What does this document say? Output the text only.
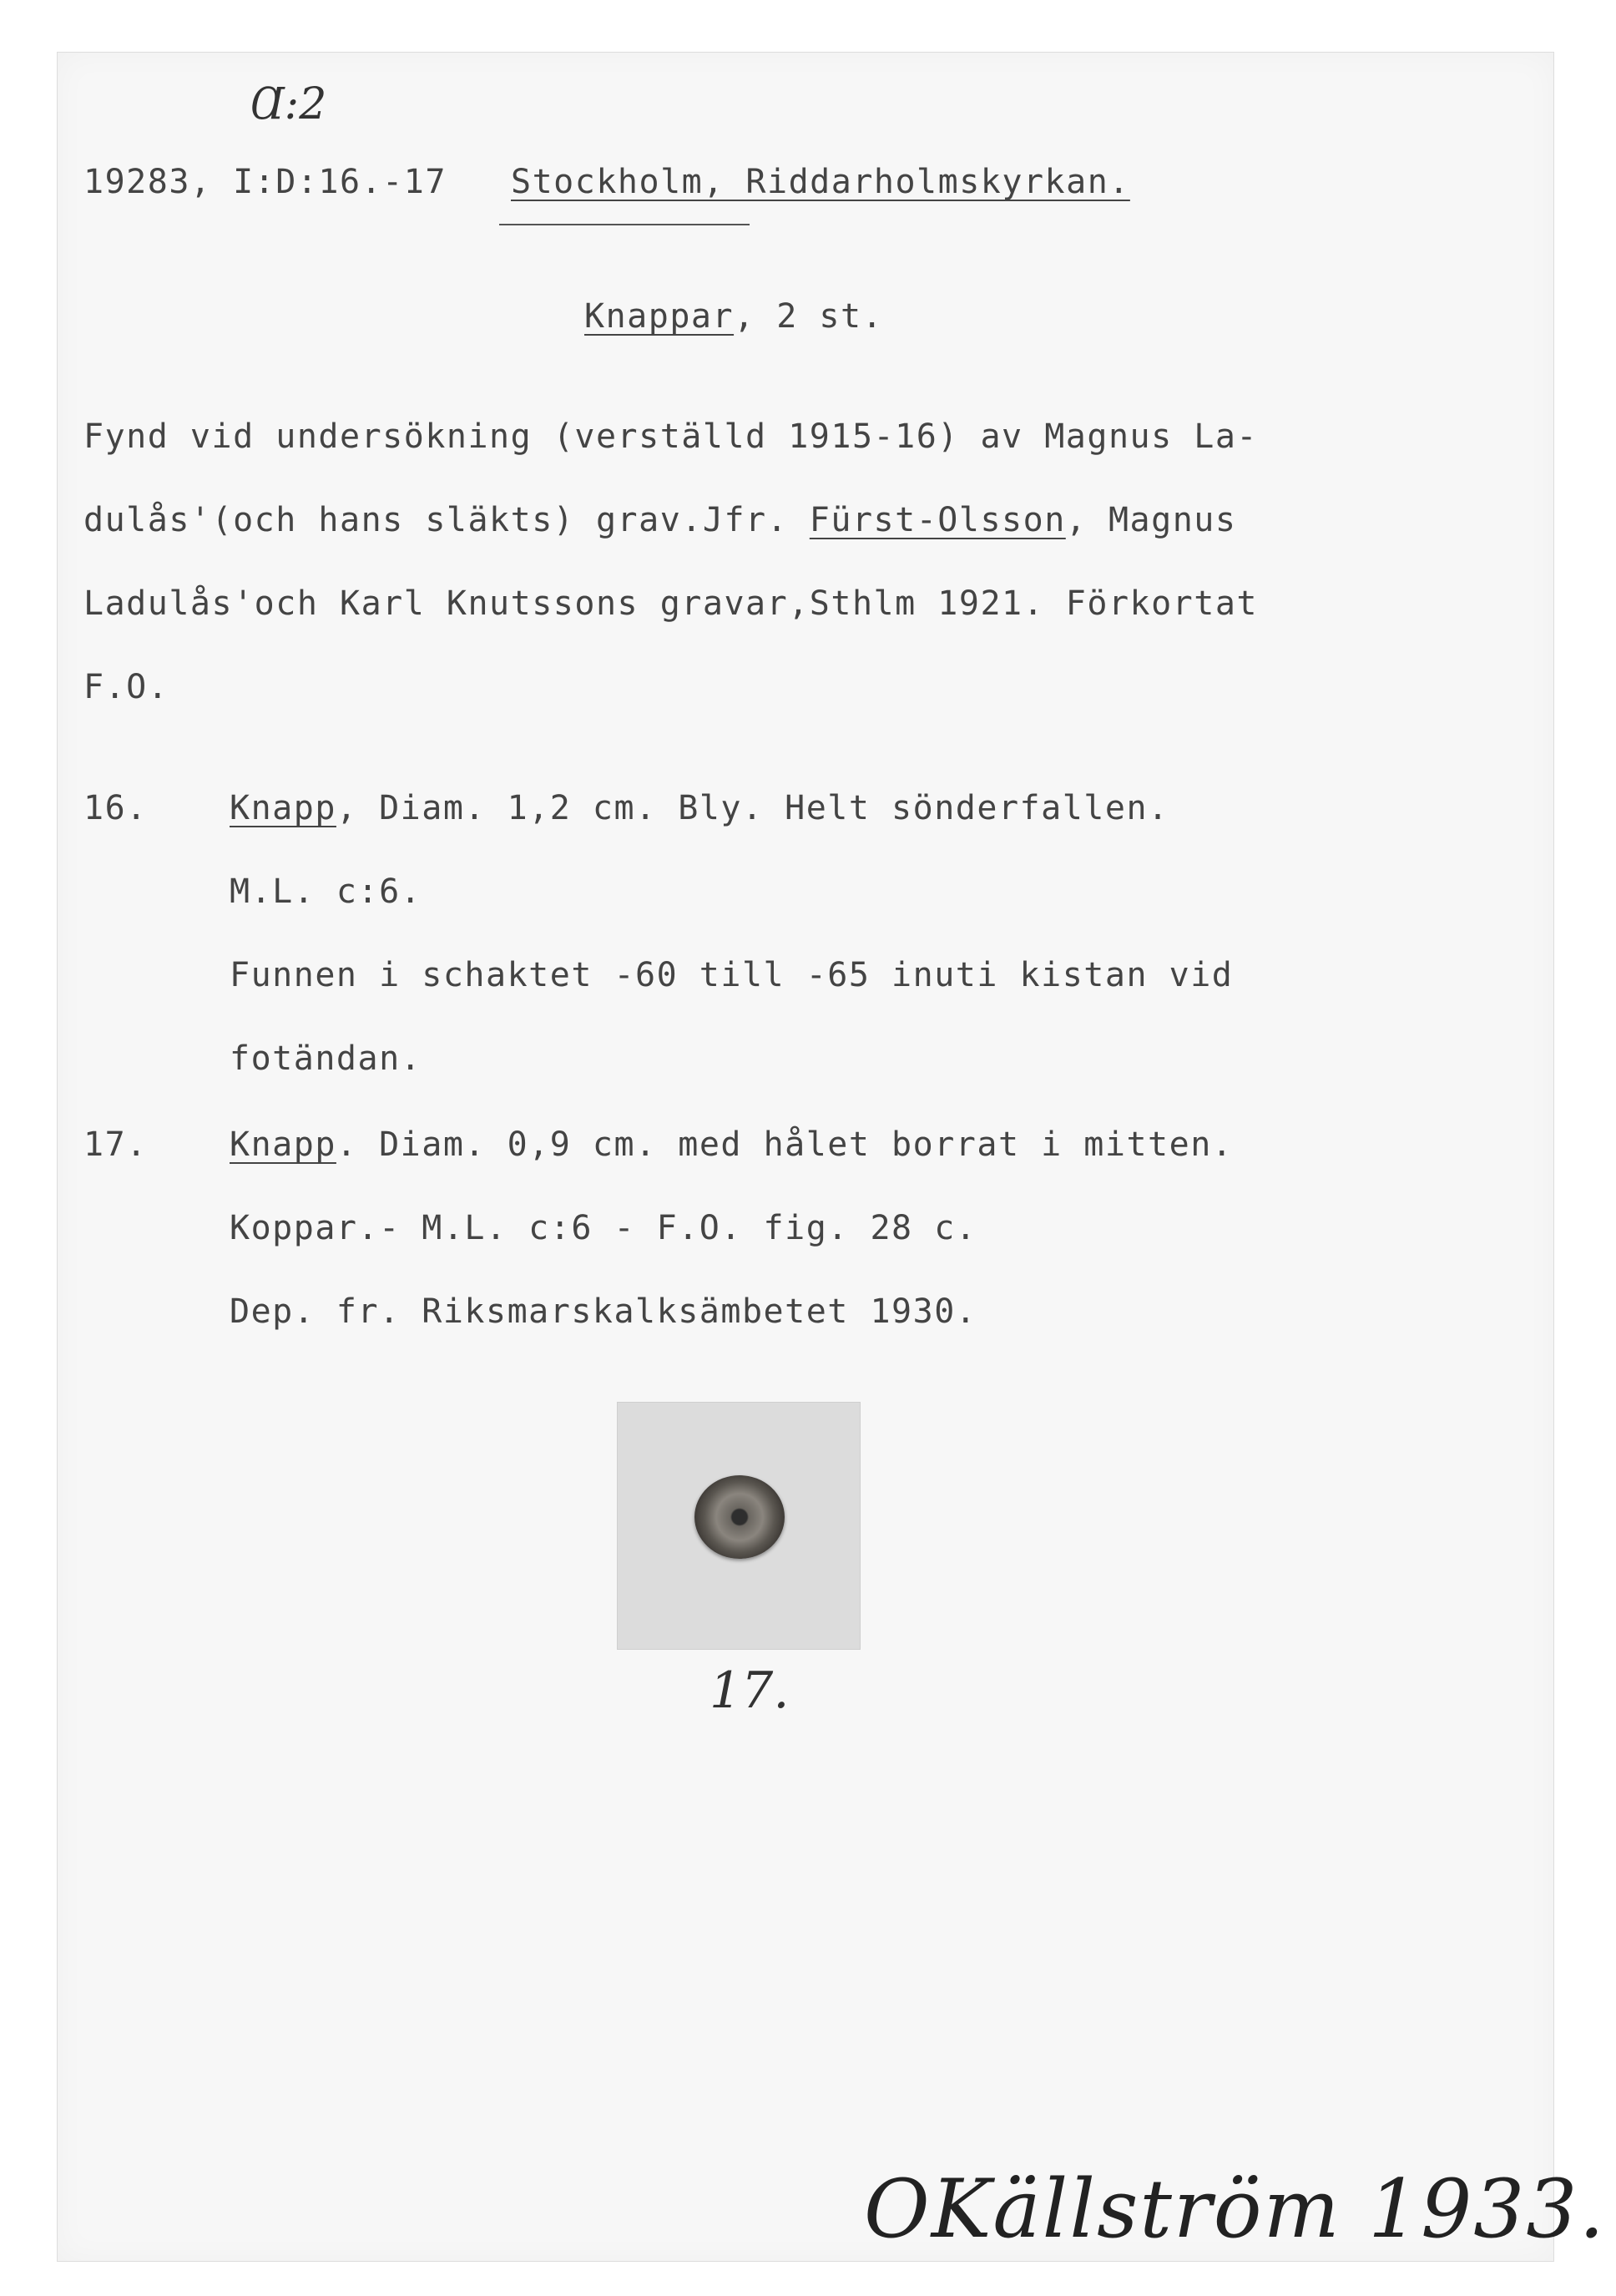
Ɑ:2
19283, I:D:16.-17 Stockholm, Riddarholmskyrkan.
Knappar, 2 st.
Fynd vid undersökning (verställd 1915-16) av Magnus La-
dulås'(och hans släkts) grav.Jfr. Fürst-Olsson, Magnus
Ladulås'och Karl Knutssons gravar,Sthlm 1921. Förkortat
F.O.
16. Knapp, Diam. 1,2 cm. Bly. Helt sönderfallen.
M.L. c:6.
Funnen i schaktet -60 till -65 inuti kistan vid
fotändan.
17. Knapp. Diam. 0,9 cm. med hålet borrat i mitten.
Koppar.- M.L. c:6 - F.O. fig. 28 c.
Dep. fr. Riksmarskalksämbetet 1930.
17.
OKällström 1933.
